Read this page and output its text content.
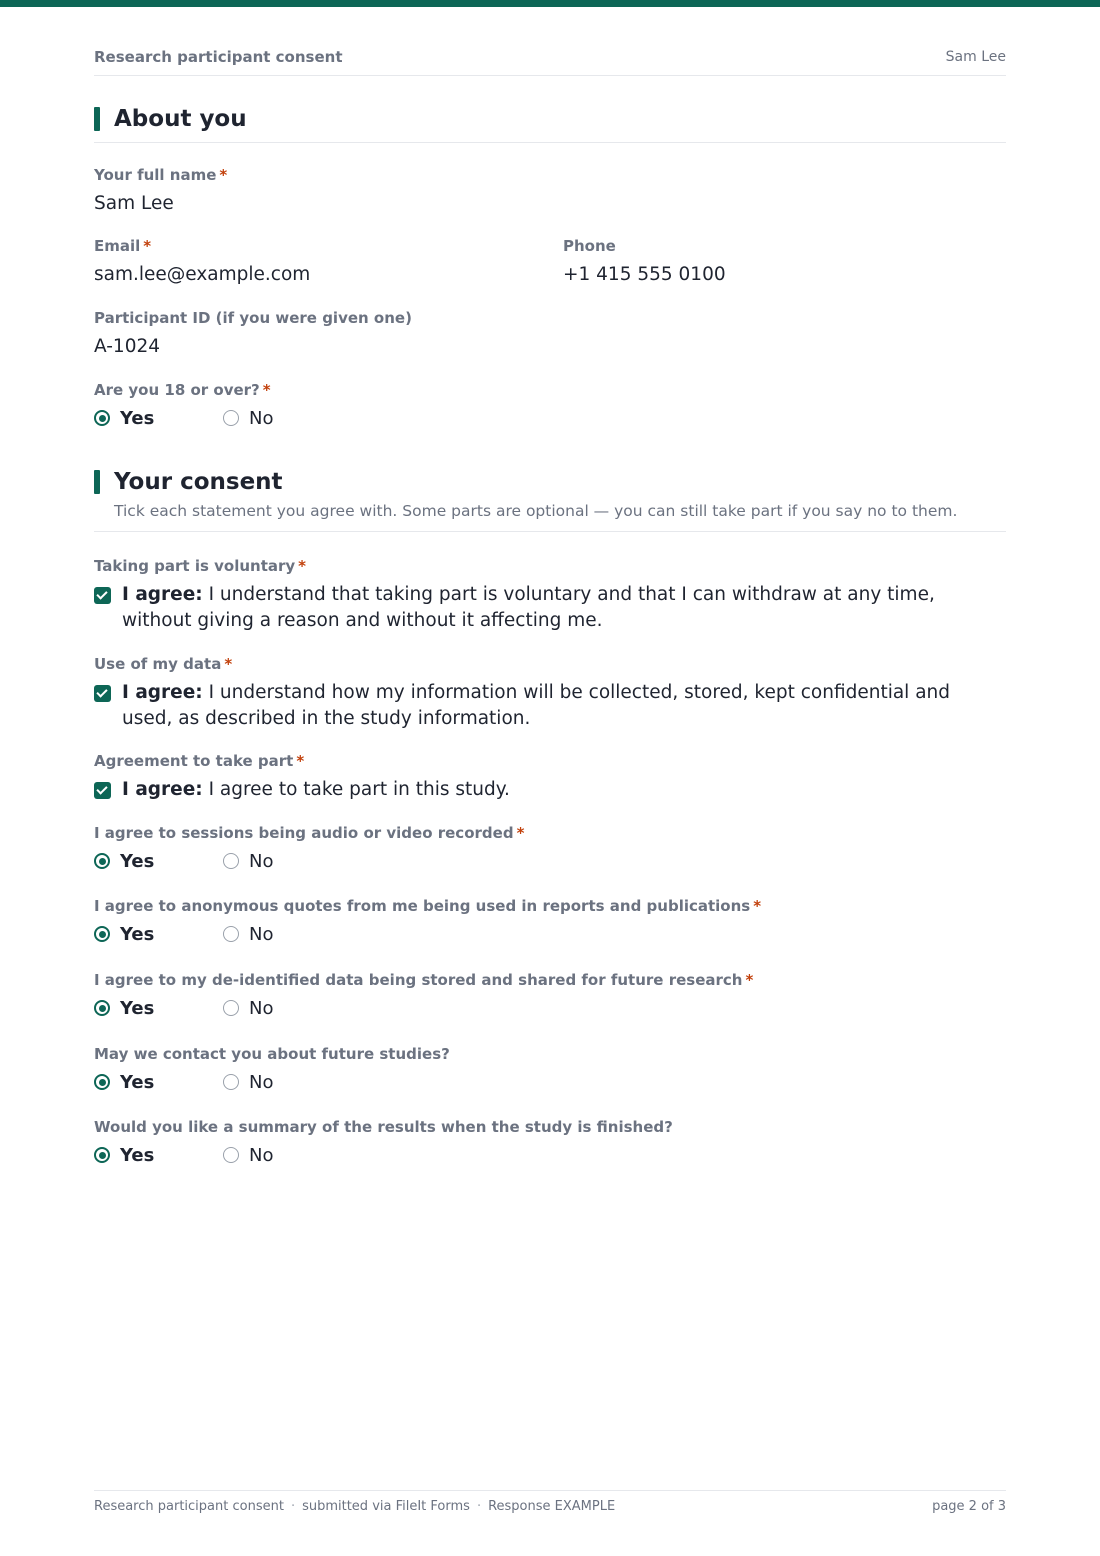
Research participant consent	Sam Lee
About you
Your full name *
Sam Lee
Email *
sam.lee@example.com
Phone
+1 415 555 0100
Participant ID (if you were given one)
A-1024
Are you 18 or over? *
Yes	No
Your consent
Tick each statement you agree with. Some parts are optional — you can still take part if you say no to them.
Taking part is voluntary *
I agree: I understand that taking part is voluntary and that I can withdraw at any time, without giving a reason and without it affecting me.
Use of my data *
I agree: I understand how my information will be collected, stored, kept confidential and used, as described in the study information.
Agreement to take part *
I agree: I agree to take part in this study.
I agree to sessions being audio or video recorded *
Yes	No
I agree to anonymous quotes from me being used in reports and publications *
Yes	No
I agree to my de-identified data being stored and shared for future research *
Yes	No
May we contact you about future studies?
Yes	No
Would you like a summary of the results when the study is finished?
Yes	No
Research participant consent · submitted via FileIt Forms · Response EXAMPLE	page 2 of 3
